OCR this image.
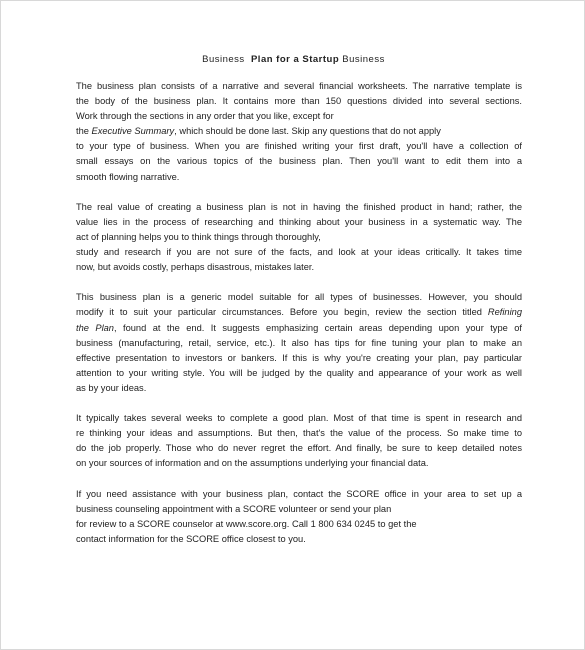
Business Plan for a Startup Business
The business plan consists of a narrative and several financial worksheets. The narrative template is
the body of the business plan. It contains more than 150 questions divided into several sections.
Work through the sections in any order that you like, except for
the Executive Summary, which should be done last. Skip any questions that do not apply
to your type of business. When you are finished writing your first draft, you'll have a collection of
small essays on the various topics of the business plan. Then you'll want to edit them into a
smooth flowing narrative.
The real value of creating a business plan is not in having the finished product in hand; rather, the
value lies in the process of researching and thinking about your business in a systematic way. The
act of planning helps you to think things through thoroughly,
study and research if you are not sure of the facts, and look at your ideas critically. It takes time
now, but avoids costly, perhaps disastrous, mistakes later.
This business plan is a generic model suitable for all types of businesses. However, you should
modify it to suit your particular circumstances. Before you begin, review the section titled Refining
the Plan, found at the end. It suggests emphasizing certain areas depending upon your type of
business (manufacturing, retail, service, etc.). It also has tips for fine tuning your plan to make an
effective presentation to investors or bankers. If this is why you're creating your plan, pay particular
attention to your writing style. You will be judged by the quality and appearance of your work as well
as by your ideas.
It typically takes several weeks to complete a good plan. Most of that time is spent in research and
re thinking your ideas and assumptions. But then, that's the value of the process. So make time to
do the job properly. Those who do never regret the effort. And finally, be sure to keep detailed notes
on your sources of information and on the assumptions underlying your financial data.
If you need assistance with your business plan, contact the SCORE office in your area to set up a
business counseling appointment with a SCORE volunteer or send your plan
for review to a SCORE counselor at www.score.org. Call 1 800 634 0245 to get the
contact information for the SCORE office closest to you.
